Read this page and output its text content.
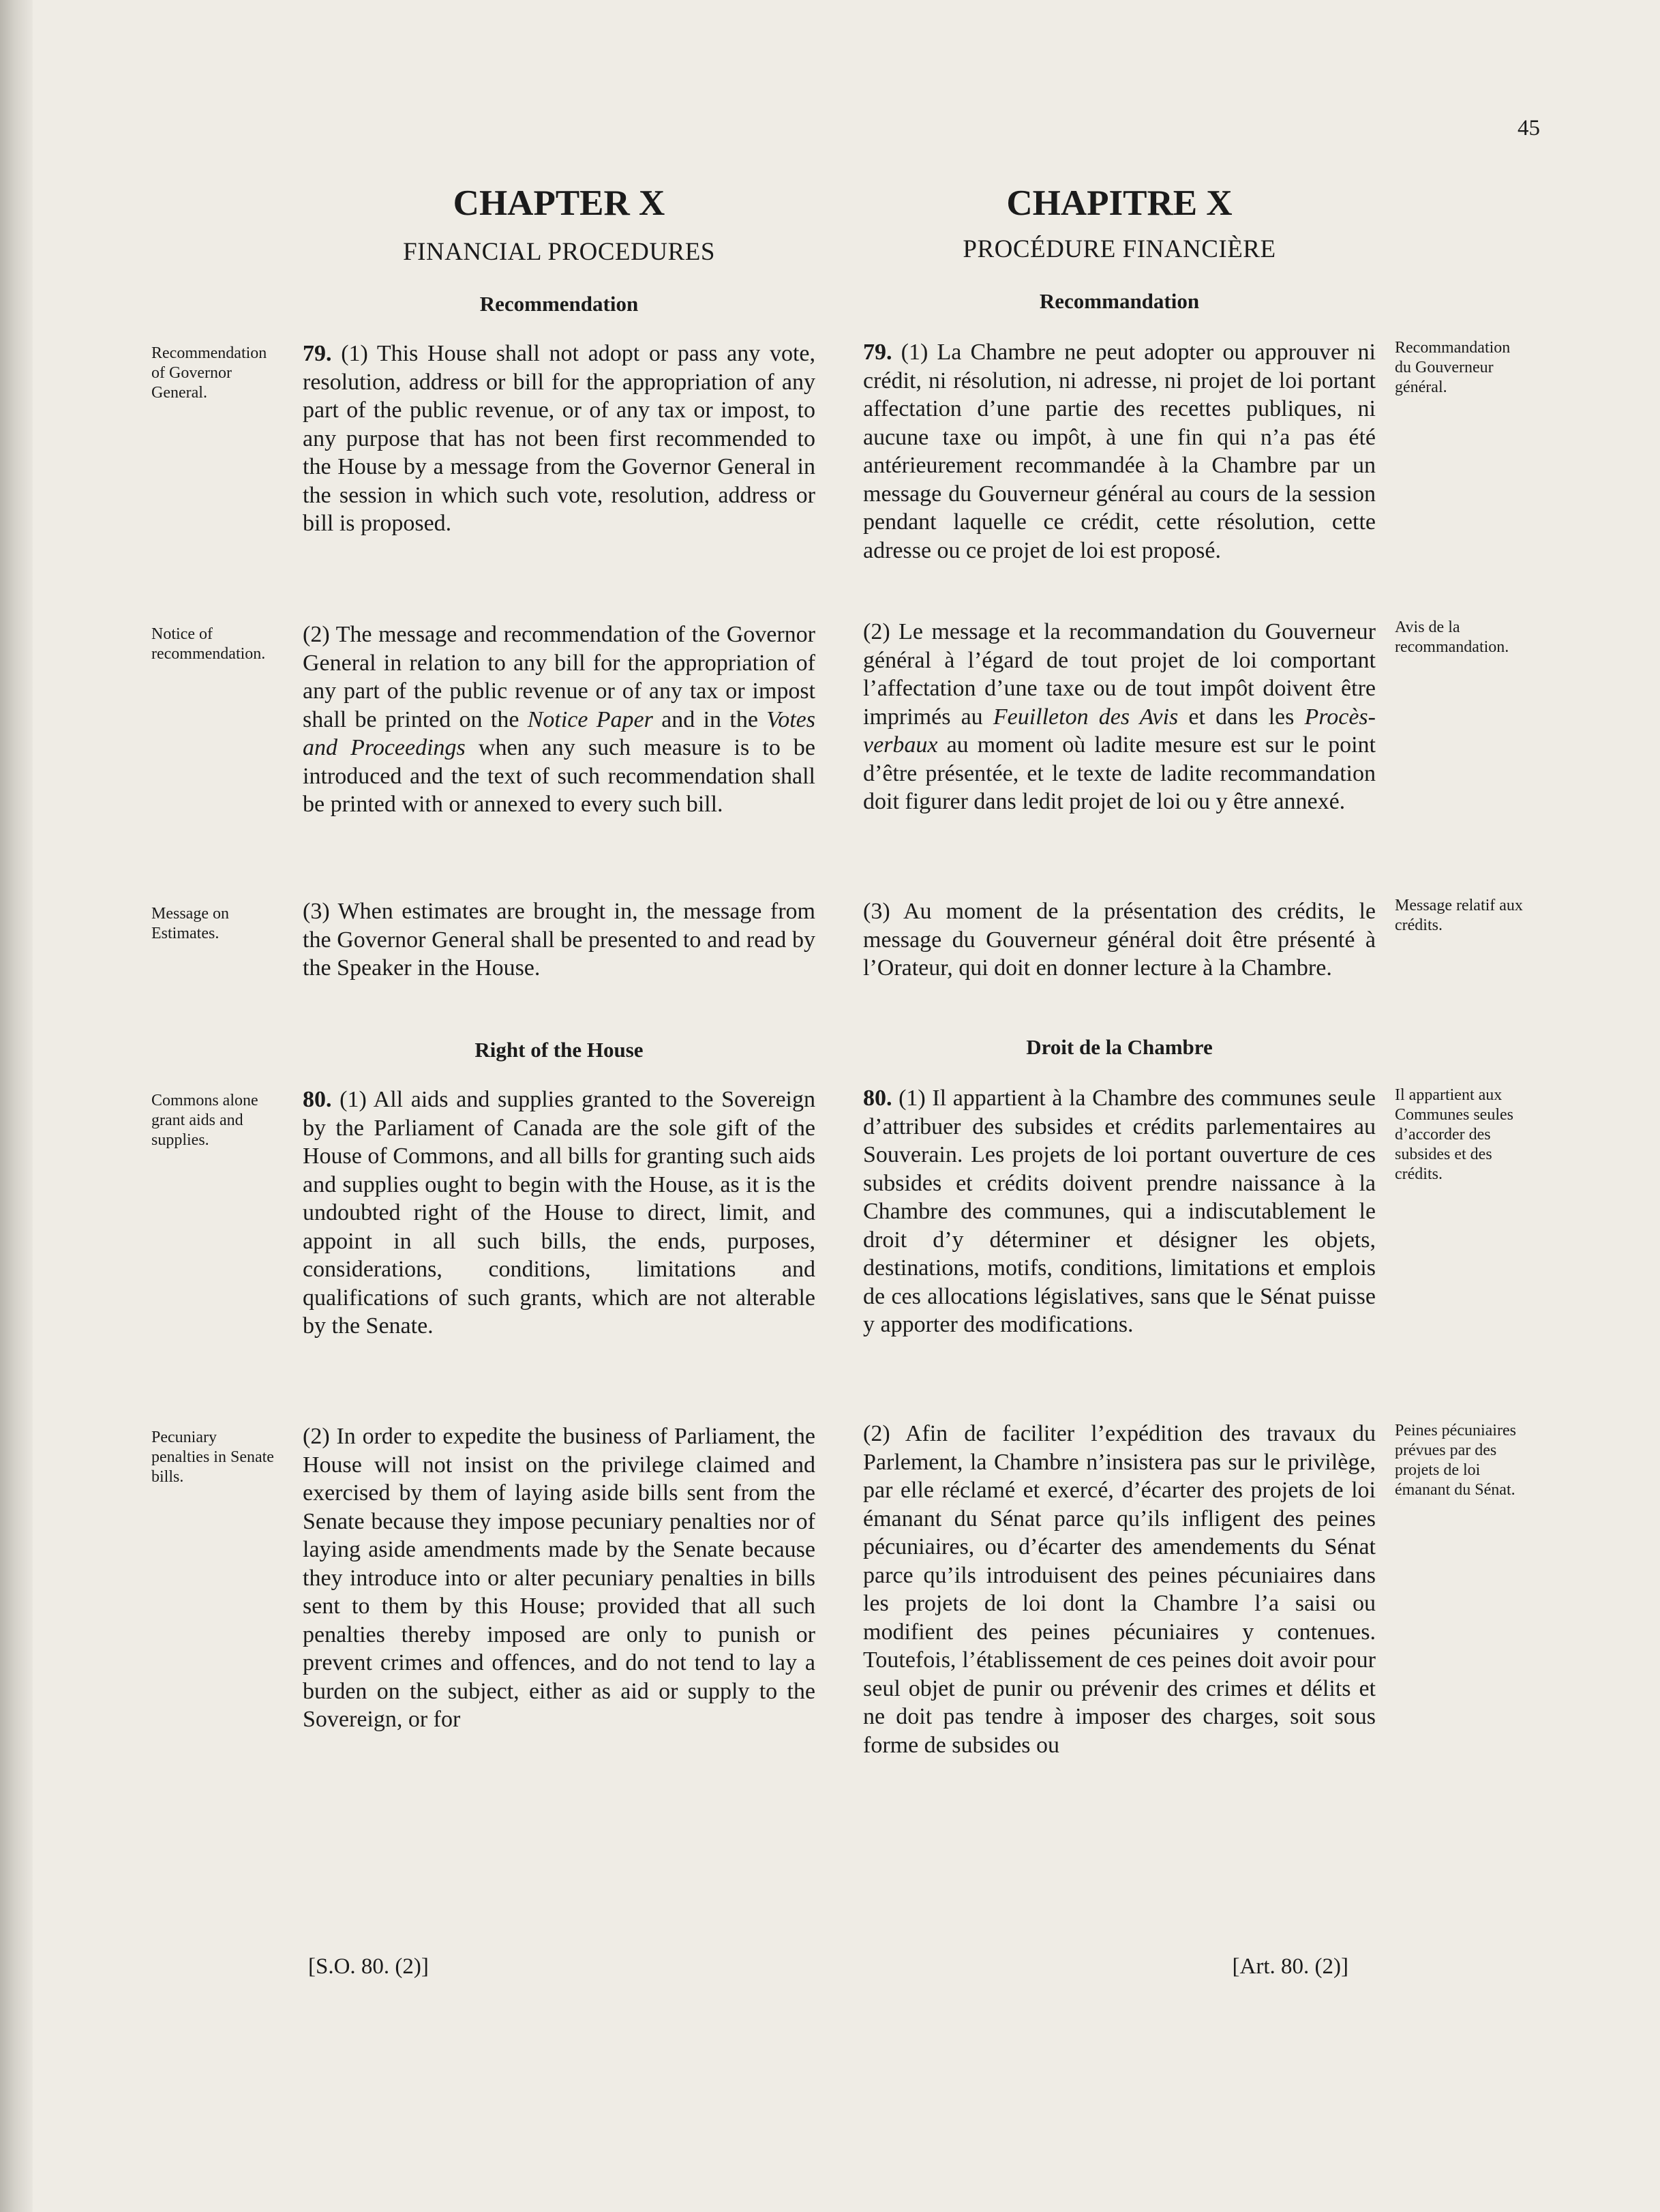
45
CHAPTER X
FINANCIAL PROCEDURES
Recommendation

79. (1) This House shall not adopt or pass any vote, resolution, address or bill for the appropriation of any part of the public revenue, or of any tax or impost, to any purpose that has not been first recommended to the House by a message from the Governor General in the session in which such vote, resolution, address or bill is proposed.

(2) The message and recommendation of the Governor General in relation to any bill for the appropriation of any part of the public revenue or of any tax or impost shall be printed on the Notice Paper and in the Votes and Proceedings when any such measure is to be introduced and the text of such recommendation shall be printed with or annexed to every such bill.

(3) When estimates are brought in, the message from the Governor General shall be presented to and read by the Speaker in the House.

Right of the House

80. (1) All aids and supplies granted to the Sovereign by the Parliament of Canada are the sole gift of the House of Commons, and all bills for granting such aids and supplies ought to begin with the House, as it is the undoubted right of the House to direct, limit, and appoint in all such bills, the ends, purposes, considerations, conditions, limitations and qualifications of such grants, which are not alterable by the Senate.

(2) In order to expedite the business of Parliament, the House will not insist on the privilege claimed and exercised by them of laying aside bills sent from the Senate because they impose pecuniary penalties nor of laying aside amendments made by the Senate because they introduce into or alter pecuniary penalties in bills sent to them by this House; provided that all such penalties thereby imposed are only to punish or prevent crimes and offences, and do not tend to lay a burden on the subject, either as aid or supply to the Sovereign, or for

[S.O. 80. (2)]
CHAPITRE X
PROCÉDURE FINANCIÈRE
Recommandation

79. (1) La Chambre ne peut adopter ou approuver ni crédit, ni résolution, ni adresse, ni projet de loi portant affectation d’une partie des recettes publiques, ni aucune taxe ou impôt, à une fin qui n’a pas été antérieurement recommandée à la Chambre par un message du Gouverneur général au cours de la session pendant laquelle ce crédit, cette résolution, cette adresse ou ce projet de loi est proposé.

(2) Le message et la recommandation du Gouverneur général à l’égard de tout projet de loi comportant l’affectation d’une taxe ou de tout impôt doivent être imprimés au Feuilleton des Avis et dans les Procès-verbaux au moment où ladite mesure est sur le point d’être présentée, et le texte de ladite recommandation doit figurer dans ledit projet de loi ou y être annexé.

(3) Au moment de la présentation des crédits, le message du Gouverneur général doit être présenté à l’Orateur, qui doit en donner lecture à la Chambre.

Droit de la Chambre

80. (1) Il appartient à la Chambre des communes seule d’attribuer des subsides et crédits parlementaires au Souverain. Les projets de loi portant ouverture de ces subsides et crédits doivent prendre naissance à la Chambre des communes, qui a indiscutablement le droit d’y déterminer et désigner les objets, destinations, motifs, conditions, limitations et emplois de ces allocations législatives, sans que le Sénat puisse y apporter des modifications.

(2) Afin de faciliter l’expédition des travaux du Parlement, la Chambre n’insistera pas sur le privilège, par elle réclamé et exercé, d’écarter des projets de loi émanant du Sénat parce qu’ils infligent des peines pécuniaires, ou d’écarter des amendements du Sénat parce qu’ils introduisent des peines pécuniaires dans les projets de loi dont la Chambre l’a saisi ou modifient des peines pécuniaires y contenues. Toutefois, l’établissement de ces peines doit avoir pour seul objet de punir ou prévenir des crimes et délits et ne doit pas tendre à imposer des charges, soit sous forme de subsides ou

[Art. 80. (2)]

Recommendation of Governor General.

Notice of recommendation.

Message on Estimates.

Commons alone grant aids and supplies.

Pecuniary penalties in Senate bills.

Recommandation du Gouverneur général.

Avis de la recommandation.

Message relatif aux crédits.

Il appartient aux Communes seules d’accorder des subsides et des crédits.

Peines pécuniaires prévues par des projets de loi émanant du Sénat.
